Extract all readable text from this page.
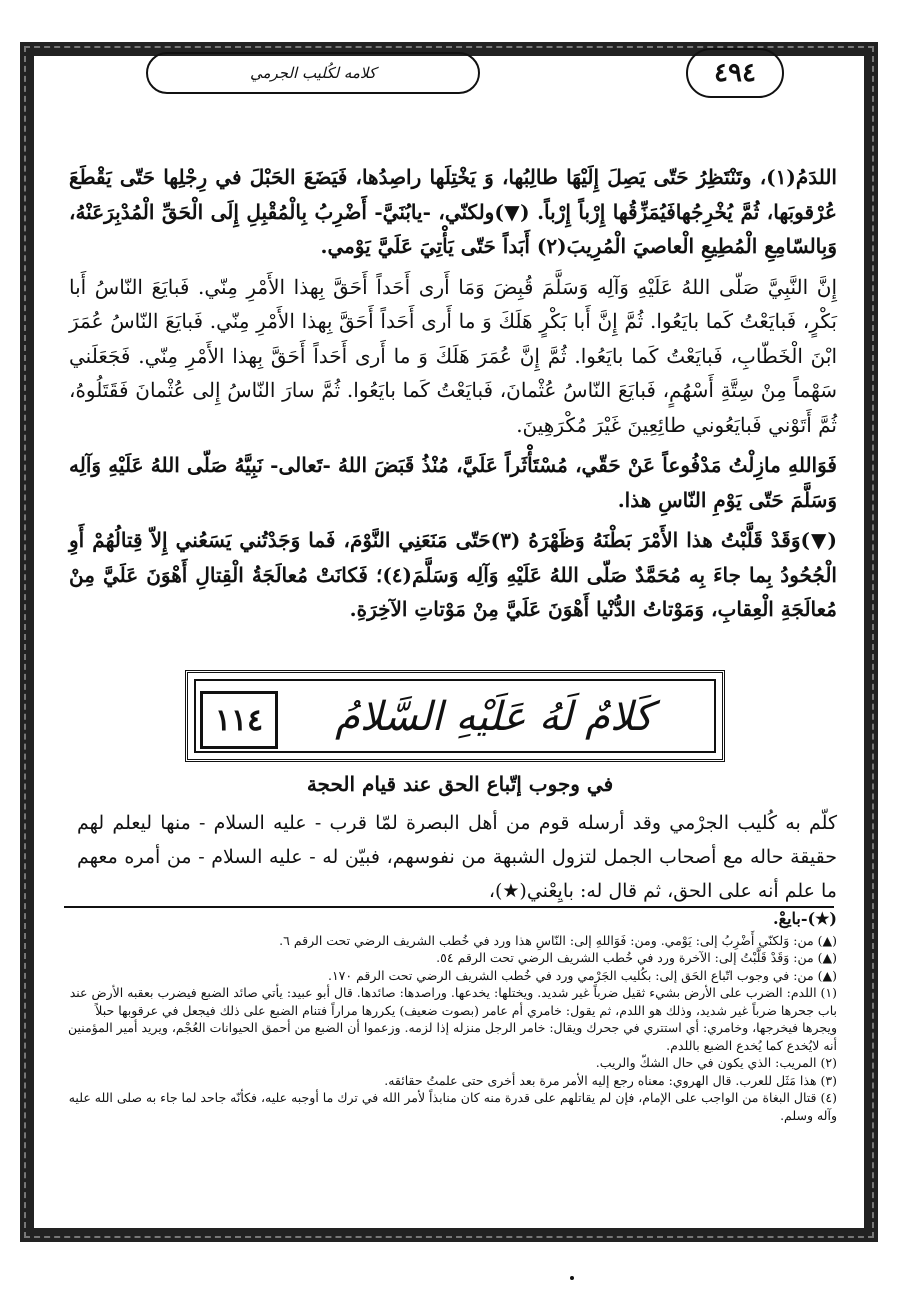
كلامه لكُليب الجرمي	٤٩٤

اللدَمُ(١)، وتَنْتَظِرُ حَتّى يَصِلَ إِلَيْهَا طالِبُها، وَ يَخْتِلَها راصِدُها، فَيَضَعَ الحَبْلَ في رِجْلِها حَتّى يَقْطَعَ عُرْقوبَها، ثُمَّ يُخْرِجُهافَيُمَزِّقُها إِرْباً إِرْباً. (▼)ولكنّي، -يابُنَيَّ- أَضْرِبُ بِالْمُقْبِلِ إِلَى الْحَقِّ الْمُدْبِرَعَنْهُ، وَبِالسّامِعِ الْمُطِيعِ الْعاصيَ الْمُرِيبَ(٢) أَبَداً حَتّى يَأْتِيَ عَلَيَّ يَوْمي.

إِنَّ النَّبِيَّ صَلّى اللهُ عَلَيْهِ وَآلِه وَسَلَّمَ قُبِضَ وَمَا أَرى أَحَداً أَحَقَّ بِهذا الأَمْرِ مِنّي. فَبايَعَ النّاسُ أَبا بَكْرٍ، فَبايَعْتُ كَما بايَعُوا. ثُمَّ إِنَّ أَبا بَكْرٍ هَلَكَ وَ ما أَرى أَحَداً أَحَقَّ بِهذا الأَمْرِ مِنّي. فَبايَعَ النّاسُ عُمَرَ ابْنَ الْخَطّابِ، فَبايَعْتُ كَما بايَعُوا. ثُمَّ إِنَّ عُمَرَ هَلَكَ وَ ما أَرى أَحَداً أَحَقَّ بِهذا الأَمْرِ مِنّي. فَجَعَلَني سَهْماً مِنْ سِتَّةِ أَسْهُمٍ، فَبايَعَ النّاسُ عُثْمانَ، فَبايَعْتُ كَما بايَعُوا. ثُمَّ سارَ النّاسُ إِلى عُثْمانَ فَقَتَلُوهُ، ثُمَّ أَتَوْني فَبايَعُوني طائِعِينَ غَيْرَ مُكْرَهِينَ.

فَوَاللهِ مازِلْتُ مَدْفُوعاً عَنْ حَقّي، مُسْتَأْثَراً عَلَيَّ، مُنْذُ قَبَضَ اللهُ -تَعالى- نَبِيَّهُ صَلّى اللهُ عَلَيْهِ وَآلِه وَسَلَّمَ حَتّى يَوْمِ النّاسِ هذا.

(▼)وَقَدْ قَلَّبْتُ هذا الأَمْرَ بَطْنَهُ وَظَهْرَهُ (٣)حَتّى مَنَعَنِي النَّوْمَ، فَما وَجَدْتُني يَسَعُني إِلاّ قِتالُهُمْ أَوِ الْجُحُودُ بِما جاءَ بِه مُحَمَّدٌ صَلّى اللهُ عَلَيْهِ وَآلِه وَسَلَّمَ(٤)؛ فَكانَتْ مُعالَجَةُ الْقِتالِ أَهْوَنَ عَلَيَّ مِنْ مُعالَجَةِ الْعِقابِ، وَمَوْتاتُ الدُّنْيا أَهْوَنَ عَلَيَّ مِنْ مَوْتاتِ الآخِرَةِ.

١١٤	كَلامٌ لَهُ عَلَيْهِ السَّلامُ
في وجوب إتّباع الحق عند قيام الحجة
كلّم به كُليب الجرْمي وقد أرسله قوم من أهل البصرة لمّا قرب - عليه السلام - منها ليعلم لهم حقيقة حاله مع أصحاب الجمل لتزول الشبهة من نفوسهم، فبيّن له - عليه السلام - من أمره معهم ما علم أنه على الحق، ثم قال له: بايِعْني(★)،

(★)-بايعْ.

(▲) من: وَلكنّي أَضْرِبُ إلى: يَوْمي. ومن: فَوَاللهِ إلى: النّاسِ هذا ورد في خُطب الشريف الرضي تحت الرقم ٦.

(▲) من: وَقَدْ قَلَّبْتُ إلى: الآخرة ورد في خُطب الشريف الرضي تحت الرقم ٥٤.

(▲) من: في وجوب اتّباع الحَق إلى: بكُليب الجَرْمي ورد في خُطب الشريف الرضي تحت الرقم ١٧٠.

(١) اللدم: الضرب على الأرض بشيء ثقيل ضرباً غير شديد. ويختلها: يخدعها. وراصدها: صائدها. قال أبو عبيد: يأتي صائد الضبع فيضرب بعقبه الأرض عند باب جحرها ضرباً غير شديد، وذلك هو اللدم، ثم يقول: خامري أم عامر (بصوت ضعيف) يكررها مراراً فتنام الضبع على ذلك فيجعل في عرقوبها حبلاً ويجرها فيخرجها، وخامري: أي استتري في جحرك ويقال: خامر الرجل منزله إذا لزمه. وزعموا أن الضبع من أحمق الحيوانات العُجْم، ويريد أمير المؤمنين أنه لايُخدع كما يُخدع الضبع باللدم.

(٢) المريب: الذي يكون في حال الشكّ والريب.

(٣) هذا مَثَل للعرب. قال الهروي: معناه رجع إليه الأمر مرة بعد أخرى حتى علمتُ حقائقه.

(٤) قتال البغاة من الواجب على الإمام، فإن لم يقاتلهم على قدرة منه كان منابذاً لأمر الله في ترك ما أوجبه عليه، فكأنّه جاحد لما جاء به صلى الله عليه وآله وسلم.
